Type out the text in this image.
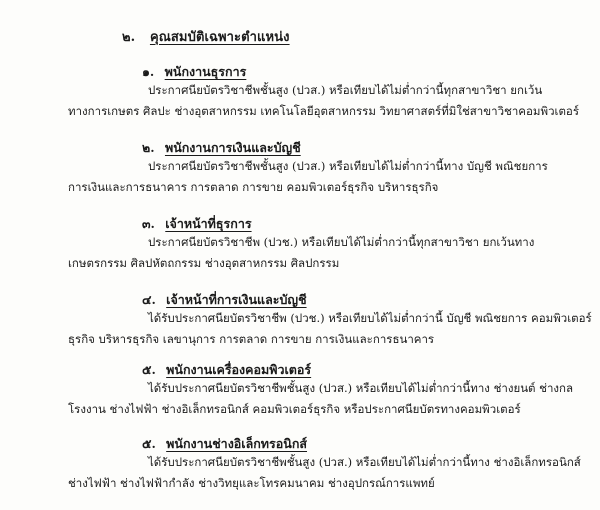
๒. คุณสมบัติเฉพาะตำแหน่ง
๑. พนักงานธุรการ
ประกาศนียบัตรวิชาชีพชั้นสูง (ปวส.) หรือเทียบได้ไม่ต่ำกว่านี้ทุกสาขาวิชา ยกเว้น
ทางการเกษตร ศิลปะ ช่างอุตสาหกรรม เทคโนโลยีอุตสาหกรรม วิทยาศาสตร์ที่มิใช่สาขาวิชาคอมพิวเตอร์
๒. พนักงานการเงินและบัญชี
ประกาศนียบัตรวิชาชีพชั้นสูง (ปวส.) หรือเทียบได้ไม่ต่ำกว่านี้ทาง บัญชี พณิชยการ
การเงินและการธนาคาร การตลาด การขาย คอมพิวเตอร์ธุรกิจ บริหารธุรกิจ
๓. เจ้าหน้าที่ธุรการ
ประกาศนียบัตรวิชาชีพ (ปวช.) หรือเทียบได้ไม่ต่ำกว่านี้ทุกสาขาวิชา ยกเว้นทาง
เกษตรกรรม ศิลปหัตถกรรม ช่างอุตสาหกรรม ศิลปกรรม
๔. เจ้าหน้าที่การเงินและบัญชี
ได้รับประกาศนียบัตรวิชาชีพ (ปวช.) หรือเทียบได้ไม่ต่ำกว่านี้ บัญชี พณิชยการ คอมพิวเตอร์
ธุรกิจ บริหารธุรกิจ เลขานุการ การตลาด การขาย การเงินและการธนาคาร
๕. พนักงานเครื่องคอมพิวเตอร์
ได้รับประกาศนียบัตรวิชาชีพชั้นสูง (ปวส.) หรือเทียบได้ไม่ต่ำกว่านี้ทาง ช่างยนต์ ช่างกล
โรงงาน ช่างไฟฟ้า ช่างอิเล็กทรอนิกส์ คอมพิวเตอร์ธุรกิจ หรือประกาศนียบัตรทางคอมพิวเตอร์
๕. พนักงานช่างอิเล็กทรอนิกส์
ได้รับประกาศนียบัตรวิชาชีพชั้นสูง (ปวส.) หรือเทียบได้ไม่ต่ำกว่านี้ทาง ช่างอิเล็กทรอนิกส์
ช่างไฟฟ้า ช่างไฟฟ้ากำลัง ช่างวิทยุและโทรคมนาคม ช่างอุปกรณ์การแพทย์
